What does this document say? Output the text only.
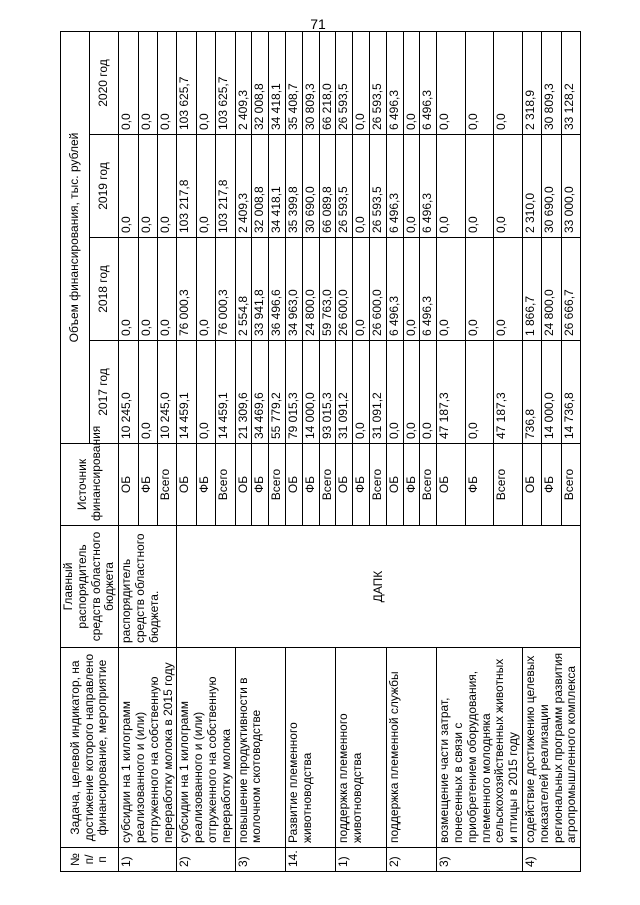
71
№
п/п	Задача, целевой индикатор, на достижение которого направлено финансирование, мероприятие	Главный распорядитель средств областного бюджета	Источник финансирования	Объем финансирования, тыс. рублей			
				2017 год	2018 год	2019 год	2020 год
1)	субсидии на 1 килограмм реализованного и (или) отгруженного на собственную переработку молока в 2015 году	распорядитель средств областного бюджета.	ОБ	10 245,0	0,0	0,0	0,0
			ФБ	0,0	0,0	0,0	0,0
			Всего	10 245,0	0,0	0,0	0,0
2)	субсидии на 1 килограмм реализованного и (или) отгруженного на собственную переработку молока	ДАПК	ОБ	14 459,1	76 000,3	103 217,8	103 625,7
			ФБ	0,0	0,0	0,0	0,0
			Всего	14 459,1	76 000,3	103 217,8	103 625,7
3)	повышение продуктивности в молочном скотоводстве		ОБ	21 309,6	2 554,8	2 409,3	2 409,3
			ФБ	34 469,6	33 941,8	32 008,8	32 008,8
			Всего	55 779,2	36 496,6	34 418,1	34 418,1
14.	Развитие племенного животноводства		ОБ	79 015,3	34 963,0	35 399,8	35 408,7
			ФБ	14 000,0	24 800,0	30 690,0	30 809,3
			Всего	93 015,3	59 763,0	66 089,8	66 218,0
1)	поддержка племенного животноводства		ОБ	31 091,2	26 600,0	26 593,5	26 593,5
			ФБ	0,0	0,0	0,0	0,0
			Всего	31 091,2	26 600,0	26 593,5	26 593,5
2)	поддержка племенной службы		ОБ	0,0	6 496,3	6 496,3	6 496,3
			ФБ	0,0	0,0	0,0	0,0
			Всего	0,0	6 496,3	6 496,3	6 496,3
3)	возмещение части затрат, понесенных в связи с приобретением оборудования, племенного молодняка сельскохозяйственных животных и птицы в 2015 году		ОБ	47 187,3	0,0	0,0	0,0
			ФБ	0,0	0,0	0,0	0,0
			Всего	47 187,3	0,0	0,0	0,0
4)	содействие достижению целевых показателей реализации региональных программ развития агропромышленного комплекса		ОБ	736,8	1 866,7	2 310,0	2 318,9
			ФБ	14 000,0	24 800,0	30 690,0	30 809,3
			Всего	14 736,8	26 666,7	33 000,0	33 128,2
